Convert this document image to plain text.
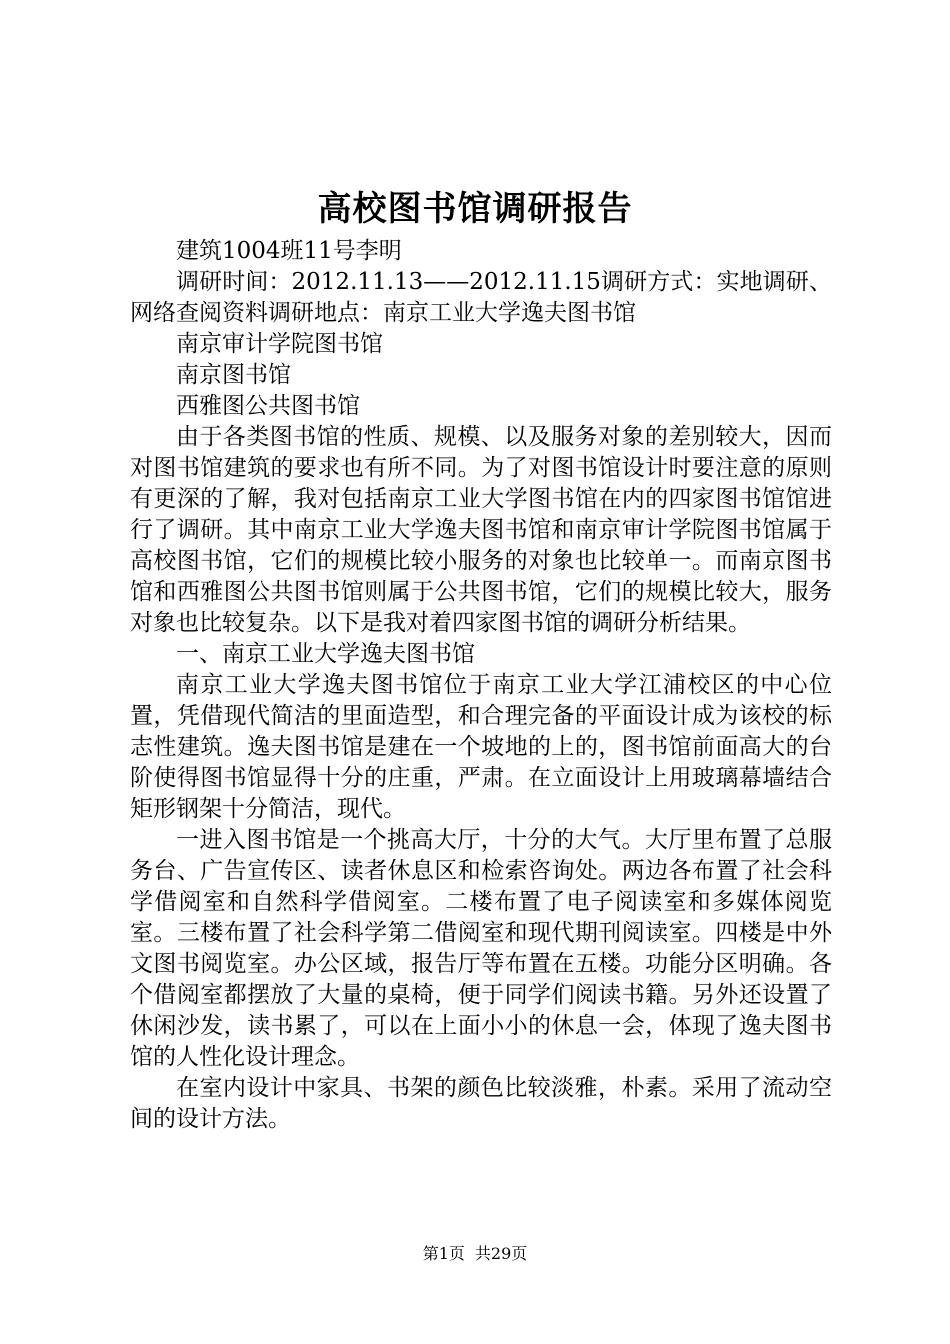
高校图书馆调研报告

建筑1004班11号李明

调研时间：2012.11.13——2012.11.15调研方式：实地调研、网络查阅资料调研地点：南京工业大学逸夫图书馆

南京审计学院图书馆

南京图书馆

西雅图公共图书馆

由于各类图书馆的性质、规模、以及服务对象的差别较大，因而对图书馆建筑的要求也有所不同。为了对图书馆设计时要注意的原则有更深的了解，我对包括南京工业大学图书馆在内的四家图书馆馆进行了调研。其中南京工业大学逸夫图书馆和南京审计学院图书馆属于高校图书馆，它们的规模比较小服务的对象也比较单一。而南京图书馆和西雅图公共图书馆则属于公共图书馆，它们的规模比较大，服务对象也比较复杂。以下是我对着四家图书馆的调研分析结果。

一、南京工业大学逸夫图书馆

南京工业大学逸夫图书馆位于南京工业大学江浦校区的中心位置，凭借现代简洁的里面造型，和合理完备的平面设计成为该校的标志性建筑。逸夫图书馆是建在一个坡地的上的，图书馆前面高大的台阶使得图书馆显得十分的庄重，严肃。在立面设计上用玻璃幕墙结合矩形钢架十分简洁，现代。

一进入图书馆是一个挑高大厅，十分的大气。大厅里布置了总服务台、广告宣传区、读者休息区和检索咨询处。两边各布置了社会科学借阅室和自然科学借阅室。二楼布置了电子阅读室和多媒体阅览室。三楼布置了社会科学第二借阅室和现代期刊阅读室。四楼是中外文图书阅览室。办公区域，报告厅等布置在五楼。功能分区明确。各个借阅室都摆放了大量的桌椅，便于同学们阅读书籍。另外还设置了休闲沙发，读书累了，可以在上面小小的休息一会，体现了逸夫图书馆的人性化设计理念。

在室内设计中家具、书架的颜色比较淡雅，朴素。采用了流动空间的设计方法。

第1页 共29页
